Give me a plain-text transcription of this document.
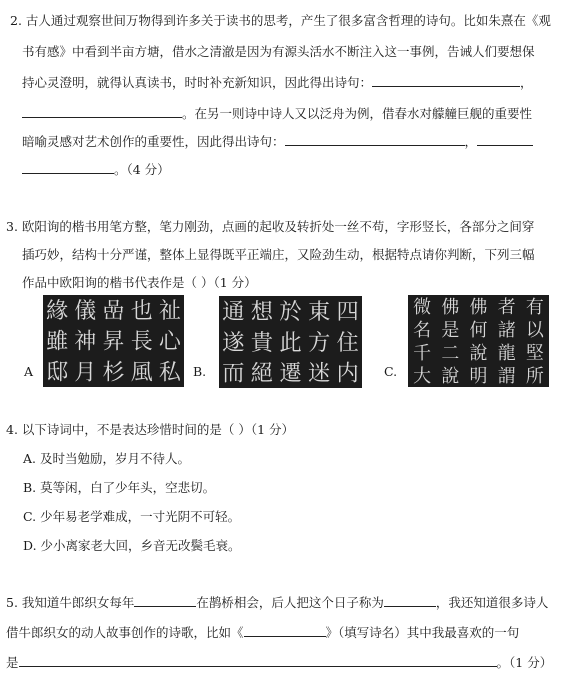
2. 古人通过观察世间万物得到许多关于读书的思考，产生了很多富含哲理的诗句。比如朱熹在《观
书有感》中看到半亩方塘，借水之清澈是因为有源头活水不断注入这一事例，告诫人们要想保
持心灵澄明，就得认真读书，时时补充新知识，因此得出诗句：	，
。在另一则诗中诗人又以泛舟为例，借春水对艨艟巨舰的重要性
暗喻灵感对艺术创作的重要性，因此得出诗句：	，
。（4 分）
3. 欧阳询的楷书用笔方整，笔力刚劲，点画的起收及转折处一丝不苟，字形竖长，各部分之间穿
插巧妙，结构十分严谨，整体上显得既平正端庄，又险劲生动，根据特点请你判断，下列三幅
作品中欧阳询的楷书代表作是（ ）（1 分）
A	B.	C.
祉
心
私
也
長
風
嵒
昇
杉
儀
神
月
緣
雖
邸
四
住
内
東
方
迷
於
此
遷
想
貴
絕
通
遂
而
有
以
堅
所
者
諸
龍
謂
佛
何
說
明
佛
是
二
說
微
名
千
大
4. 以下诗词中，不是表达珍惜时间的是（ ）（1 分）
A. 及时当勉励，岁月不待人。
B. 莫等闲，白了少年头，空悲切。
C. 少年易老学难成，一寸光阴不可轻。
D. 少小离家老大回，乡音无改鬓毛衰。
5. 我知道牛郎织女每年	在鹊桥相会，后人把这个日子称为	，我还知道很多诗人
借牛郎织女的动人故事创作的诗歌，比如《	》（填写诗名）其中我最喜欢的一句
是	。（1 分）
